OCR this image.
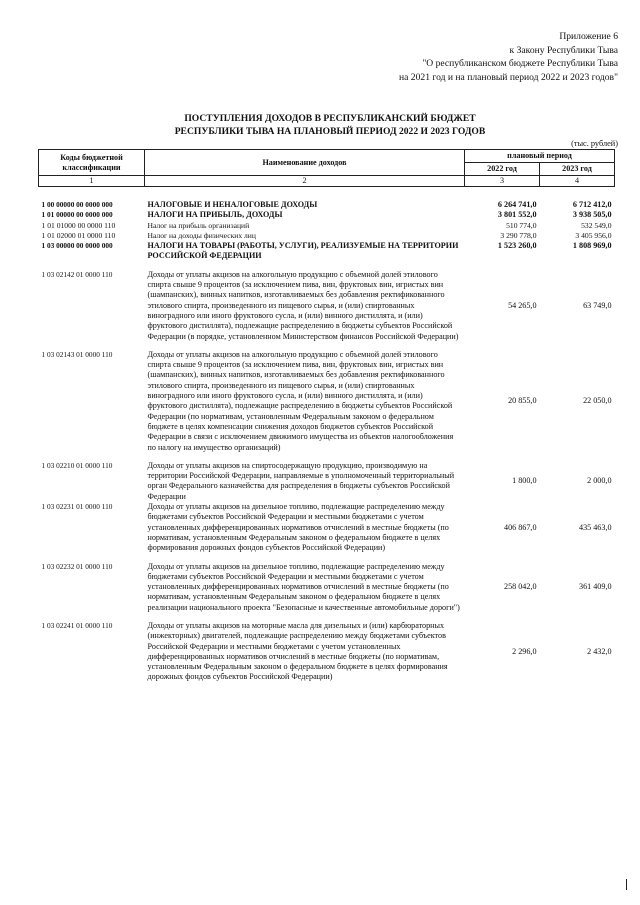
Приложение 6
к Закону Республики Тыва
"О республиканском бюджете Республики Тыва
на 2021 год и на плановый период 2022 и 2023 годов"
ПОСТУПЛЕНИЯ ДОХОДОВ В РЕСПУБЛИКАНСКИЙ БЮДЖЕТ
РЕСПУБЛИКИ ТЫВА НА ПЛАНОВЫЙ ПЕРИОД 2022 И 2023 ГОДОВ
(тыс. рублей)
Коды бюджетной классификации	Наименование доходов	плановый период	
		2022 год	2023 год
1	2	3	4

1 00 00000 00 0000 000	НАЛОГОВЫЕ И НЕНАЛОГОВЫЕ ДОХОДЫ	6 264 741,0	6 712 412,0
1 01 00000 00 0000 000	НАЛОГИ НА ПРИБЫЛЬ, ДОХОДЫ	3 801 552,0	3 938 505,0
1 01 01000 00 0000 110	Налог на прибыль организаций	510 774,0	532 549,0
1 01 02000 01 0000 110	Налог на доходы физических лиц	3 290 778,0	3 405 956,0
1 03 00000 00 0000 000	НАЛОГИ НА ТОВАРЫ (РАБОТЫ, УСЛУГИ), РЕАЛИЗУЕМЫЕ НА ТЕРРИТОРИИ РОССИЙСКОЙ ФЕДЕРАЦИИ	1 523 260,0	1 808 969,0
1 03 02142 01 0000 110	Доходы от уплаты акцизов на алкогольную продукцию с объемной долей этилового спирта свыше 9 процентов (за исключением пива, вин, фруктовых вин, игристых вин (шампанских), винных напитков, изготавливаемых без добавления ректификованного этилового спирта, произведенного из пищевого сырья, и (или) спиртованных виноградного или иного фруктового сусла, и (или) винного дистиллята, и (или) фруктового дистиллята), подлежащие распределению в бюджеты субъектов Российской Федерации (в порядке, установленном Министерством финансов Российской Федерации)	54 265,0	63 749,0
1 03 02143 01 0000 110	Доходы от уплаты акцизов на алкогольную продукцию с объемной долей этилового спирта свыше 9 процентов (за исключением пива, вин, фруктовых вин, игристых вин (шампанских), винных напитков, изготавливаемых без добавления ректификованного этилового спирта, произведенного из пищевого сырья, и (или) спиртованных виноградного или иного фруктового сусла, и (или) винного дистиллята, и (или) фруктового дистиллята), подлежащие распределению в бюджеты субъектов Российской Федерации (по нормативам, установленным Федеральным законом о федеральном бюджете в целях компенсации снижения доходов бюджетов субъектов Российской Федерации в связи с исключением движимого имущества из объектов налогообложения по налогу на имущество организаций)	20 855,0	22 050,0
1 03 02210 01 0000 110	Доходы от уплаты акцизов на спиртосодержащую продукцию, производимую на территории Российской Федерации, направляемые в уполномоченный территориальный орган Федерального казначейства для распределения в бюджеты субъектов Российской Федерации	1 800,0	2 000,0
1 03 02231 01 0000 110	Доходы от уплаты акцизов на дизельное топливо, подлежащие распределению между бюджетами субъектов Российской Федерации и местными бюджетами с учетом установленных дифференцированных нормативов отчислений в местные бюджеты (по нормативам, установленным Федеральным законом о федеральном бюджете в целях формирования дорожных фондов субъектов Российской Федерации)	406 867,0	435 463,0
1 03 02232 01 0000 110	Доходы от уплаты акцизов на дизельное топливо, подлежащие распределению между бюджетами субъектов Российской Федерации и местными бюджетами с учетом установленных дифференцированных нормативов отчислений в местные бюджеты (по нормативам, установленным Федеральным законом о федеральном бюджете в целях реализации национального проекта "Безопасные и качественные автомобильные дороги")	258 042,0	361 409,0
1 03 02241 01 0000 110	Доходы от уплаты акцизов на моторные масла для дизельных и (или) карбюраторных (инжекторных) двигателей, подлежащие распределению между бюджетами субъектов Российской Федерации и местными бюджетами с учетом установленных дифференцированных нормативов отчислений в местные бюджеты (по нормативам, установленным Федеральным законом о федеральном бюджете в целях формирования дорожных фондов субъектов Российской Федерации)	2 296,0	2 432,0
